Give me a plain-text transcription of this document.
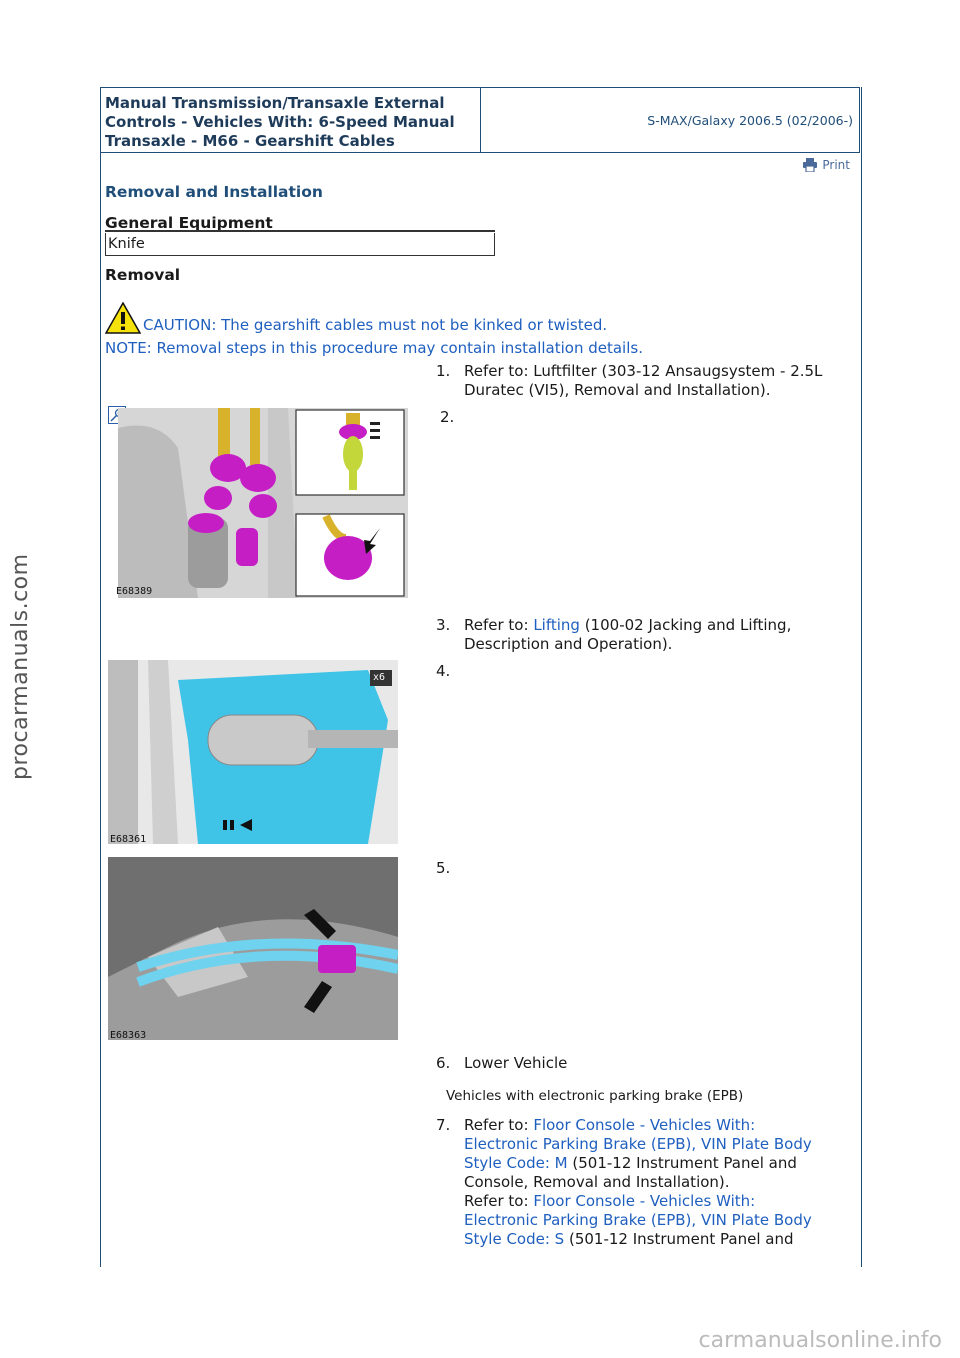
Manual Transmission/Transaxle External
Controls - Vehicles With: 6-Speed Manual
Transaxle - M66 - Gearshift Cables
S-MAX/Galaxy 2006.5 (02/2006-)
Print
Removal and Installation
General Equipment
Knife
Removal
CAUTION: The gearshift cables must not be kinked or twisted.
NOTE: Removal steps in this procedure may contain installation details.
1. Refer to: Luftfilter (303-12 Ansaugsystem - 2.5L
Duratec (VI5), Removal and Installation).
E68389
2.
3. Refer to: Lifting (100-02 Jacking and Lifting,
Description and Operation).
E68361
x6	4.
E68363
5.
6. Lower Vehicle
Vehicles with electronic parking brake (EPB)
7. Refer to: Floor Console - Vehicles With:
Electronic Parking Brake (EPB), VIN Plate Body
Style Code: M (501-12 Instrument Panel and
Console, Removal and Installation).
Refer to: Floor Console - Vehicles With:
Electronic Parking Brake (EPB), VIN Plate Body
Style Code: S (501-12 Instrument Panel and
procarmanuals.com
carmanualsonline.info
